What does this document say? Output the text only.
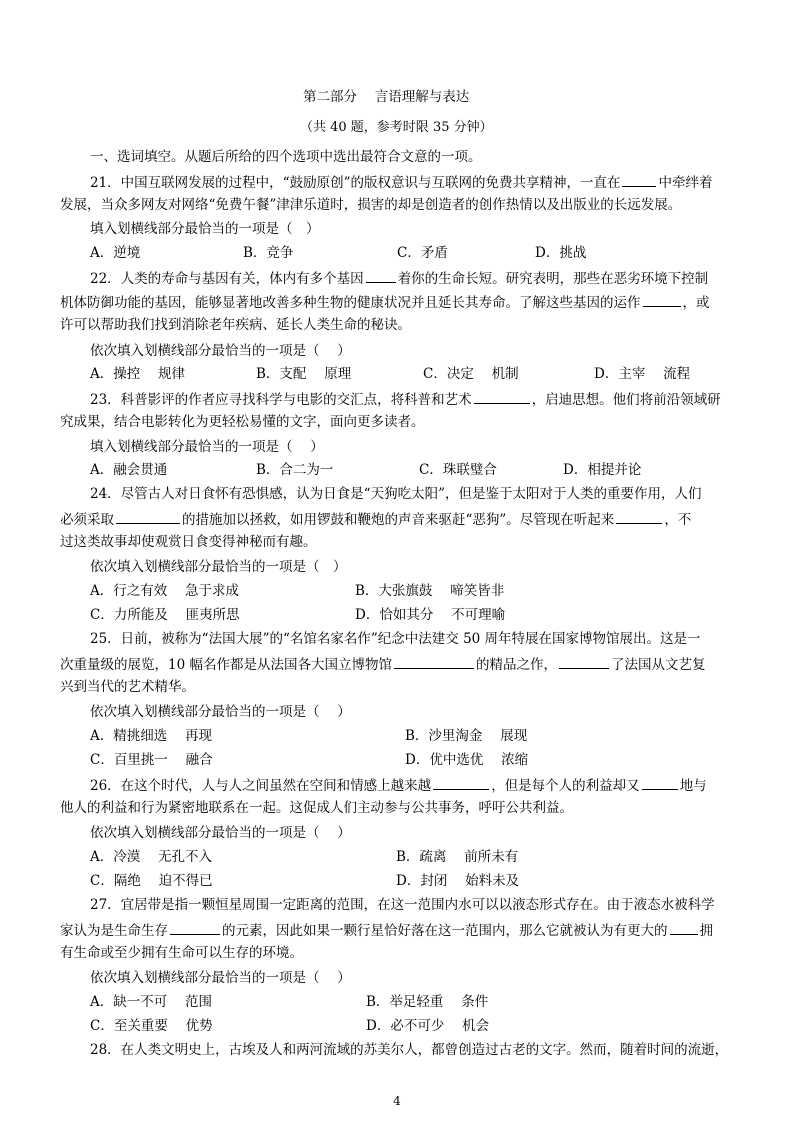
第二部分　 言语理解与表达
（共 40 题，参考时限 35 分钟）
一、选词填空。从题后所给的四个选项中选出最符合文意的一项。
21．中国互联网发展的过程中，“鼓励原创”的版权意识与互联网的免费共享精神，一直在	中牵绊着
发展，当众多网友对网络“免费午餐”津津乐道时，损害的却是创造者的创作热情以及出版业的长远发展。
填入划横线部分最恰当的一项是（　）
A．逆境	B．竞争	C．矛盾	D．挑战
22．人类的寿命与基因有关，体内有多个基因	着你的生命长短。研究表明，那些在恶劣环境下控制
机体防御功能的基因，能够显著地改善多种生物的健康状况并且延长其寿命。了解这些基因的运作	，或
许可以帮助我们找到消除老年疾病、延长人类生命的秘诀。
依次填入划横线部分最恰当的一项是（　 ）
A．操控　 规律	B．支配　 原理	C．决定　 机制	D．主宰　 流程
23．科普影评的作者应寻找科学与电影的交汇点，将科普和艺术	，启迪思想。他们将前沿领域研
究成果，结合电影转化为更轻松易懂的文字，面向更多读者。
填入划横线部分最恰当的一项是（　 ）
A．融会贯通	B．合二为一	C．珠联璧合	D．相提并论
24．尽管古人对日食怀有恐惧感，认为日食是“天狗吃太阳”，但是鉴于太阳对于人类的重要作用，人们
必须采取	的措施加以拯救，如用锣鼓和鞭炮的声音来驱赶“恶狗”。尽管现在听起来	，不
过这类故事却使观赏日食变得神秘而有趣。
依次填入划横线部分最恰当的一项是（　）
A．行之有效　 急于求成	B．大张旗鼓　 啼笑皆非
C．力所能及　 匪夷所思	D．恰如其分　 不可理喻
25．日前，被称为“法国大展”的“名馆名家名作”纪念中法建交 50 周年特展在国家博物馆展出。这是一
次重量级的展览，10 幅名作都是从法国各大国立博物馆	的精品之作，	了法国从文艺复
兴到当代的艺术精华。
依次填入划横线部分最恰当的一项是（　 ）
A．精挑细选　 再现	B．沙里淘金　 展现
C．百里挑一　 融合	D．优中选优　 浓缩
26．在这个时代，人与人之间虽然在空间和情感上越来越	，但是每个人的利益却又	地与
他人的利益和行为紧密地联系在一起。这促成人们主动参与公共事务，呼吁公共利益。
依次填入划横线部分最恰当的一项是（　 ）
A．冷漠　 无孔不入	B．疏离　 前所未有
C．隔绝　 迫不得已	D．封闭　 始料未及
27．宜居带是指一颗恒星周围一定距离的范围，在这一范围内水可以以液态形式存在。由于液态水被科学
家认为是生命生存	的元素，因此如果一颗行星恰好落在这一范围内，那么它就被认为有更大的 拥
有生命或至少拥有生命可以生存的环境。
依次填入划横线部分最恰当的一项是（　 ）
A．缺一不可　 范围	B．举足轻重　 条件
C．至关重要　 优势	D．必不可少　 机会
28．在人类文明史上，古埃及人和两河流域的苏美尔人，都曾创造过古老的文字。然而，随着时间的流逝，
4
